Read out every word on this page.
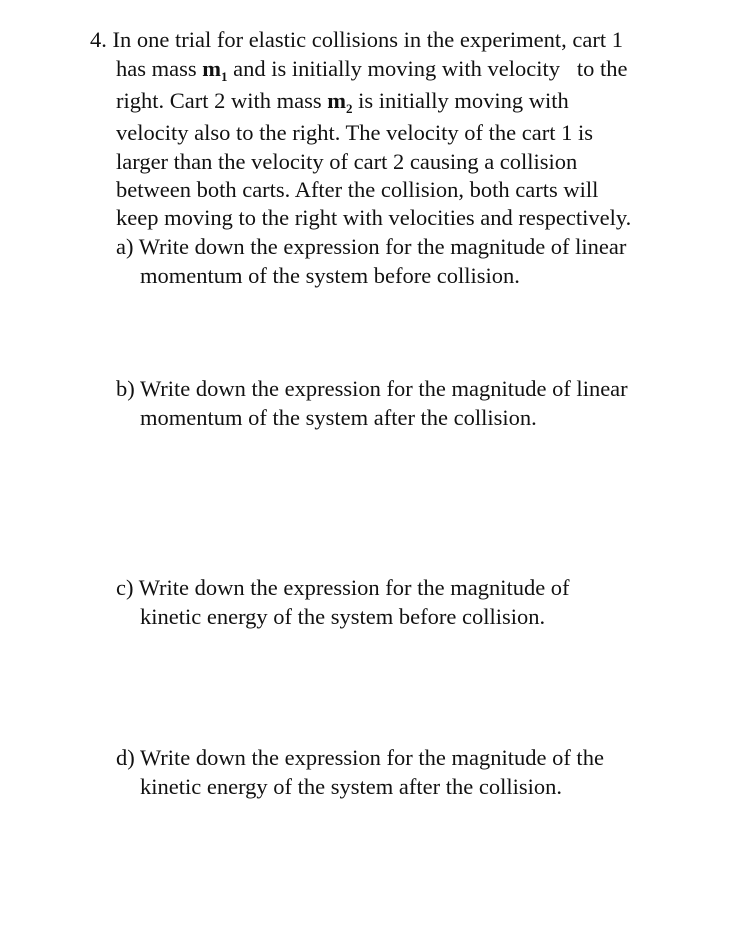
4. In one trial for elastic collisions in the experiment, cart 1
has mass $m_1$ and is initially moving with velocity to the
right. Cart 2 with mass $m_2$ is initially moving with
velocity also to the right. The velocity of the cart 1 is
larger than the velocity of cart 2 causing a collision
between both carts. After the collision, both carts will
keep moving to the right with velocities and respectively.
a) Write down the expression for the magnitude of linear
momentum of the system before collision.
b) Write down the expression for the magnitude of linear
momentum of the system after the collision.
c) Write down the expression for the magnitude of
kinetic energy of the system before collision.
d) Write down the expression for the magnitude of the
kinetic energy of the system after the collision.
